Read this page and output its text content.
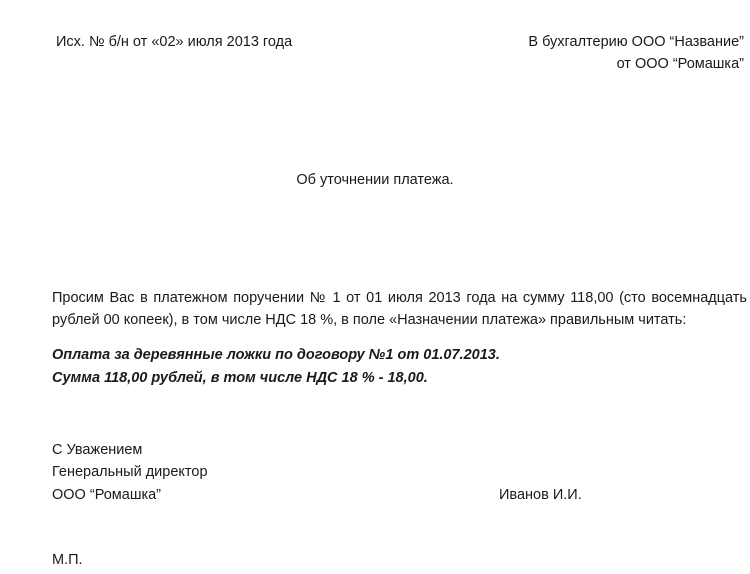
Исх. № б/н от «02» июля 2013 года	В бухгалтерию ООО “Название”
от ООО “Ромашка”
Об уточнении платежа.
Просим Вас в платежном поручении № 1 от 01 июля 2013 года на сумму 118,00 (сто восемнадцать
рублей 00 копеек), в том числе НДС 18 %, в поле «Назначении платежа» правильным читать:
Оплата за деревянные ложки по договору №1 от 01.07.2013.
Сумма 118,00 рублей, в том числе НДС 18 % - 18,00.
С Уважением
Генеральный директор
ООО “Ромашка”	Иванов И.И.
М.П.
